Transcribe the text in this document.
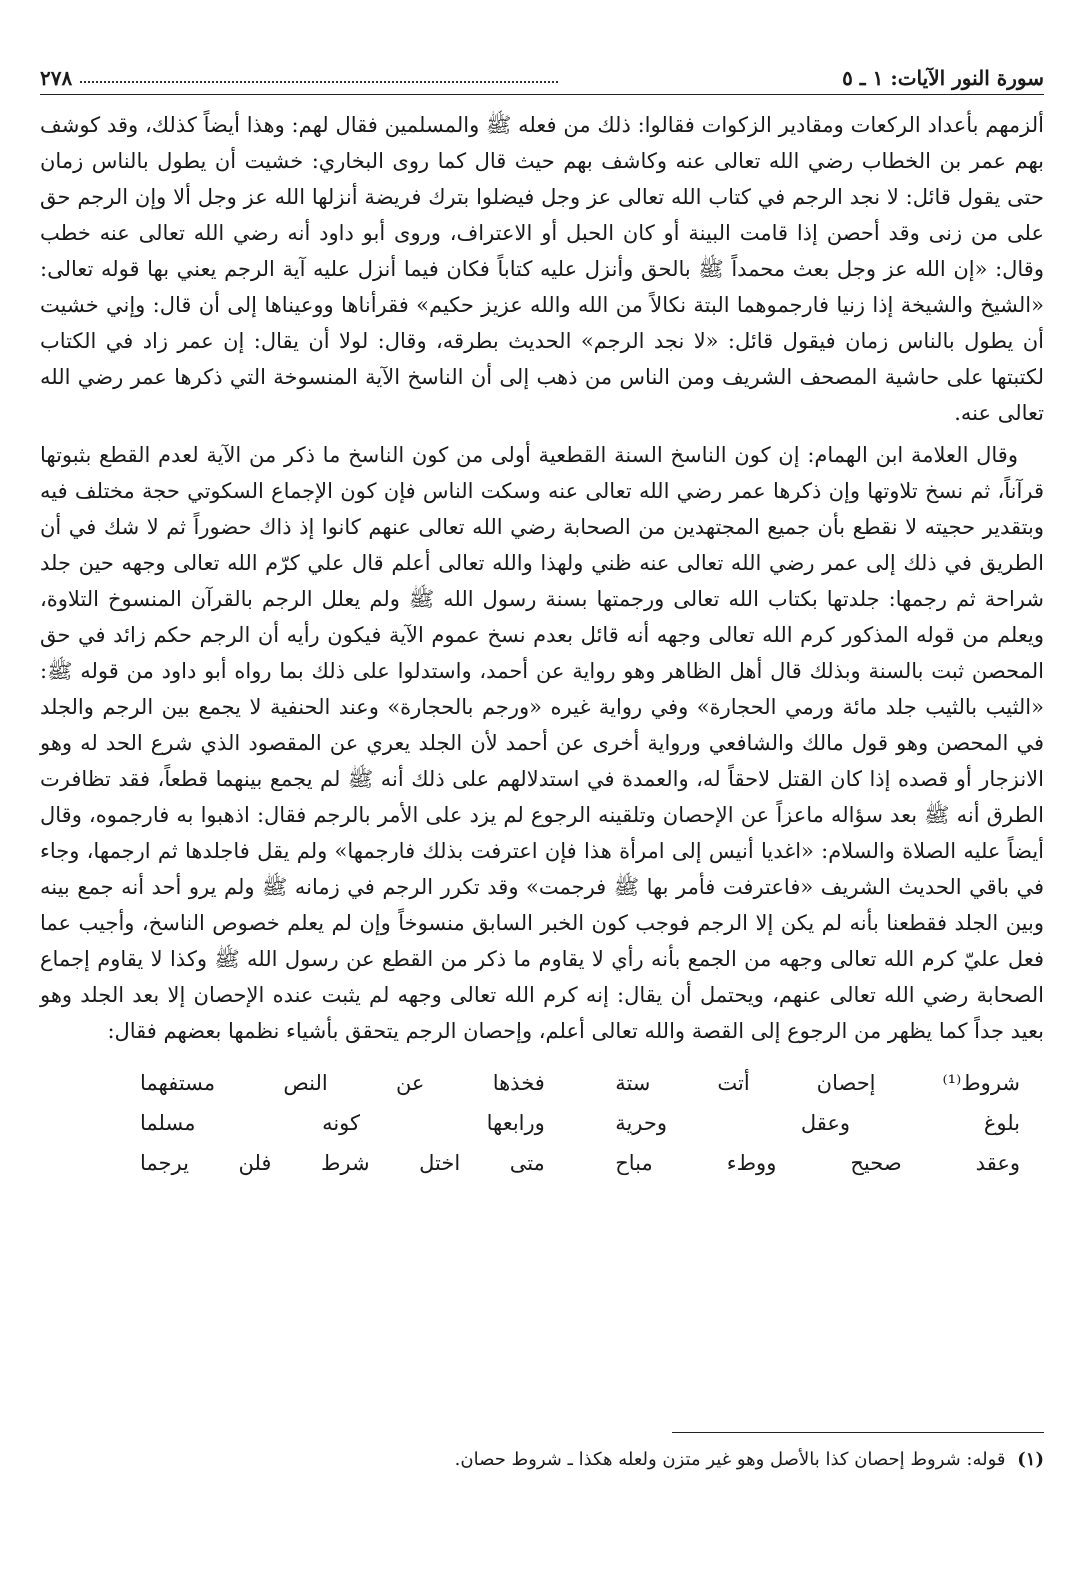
سورة النور الآيات: ١ ـ ٥
٢٧٨

ألزمهم بأعداد الركعات ومقادير الزكوات فقالوا: ذلك من فعله ﷺ والمسلمين فقال لهم: وهذا أيضاً كذلك، وقد كوشف بهم عمر بن الخطاب رضي الله تعالى عنه وكاشف بهم حيث قال كما روى البخاري: خشيت أن يطول بالناس زمان حتى يقول قائل: لا نجد الرجم في كتاب الله تعالى عز وجل فيضلوا بترك فريضة أنزلها الله عز وجل ألا وإن الرجم حق على من زنى وقد أحصن إذا قامت البينة أو كان الحبل أو الاعتراف، وروى أبو داود أنه رضي الله تعالى عنه خطب وقال: «إن الله عز وجل بعث محمداً ﷺ بالحق وأنزل عليه كتاباً فكان فيما أنزل عليه آية الرجم يعني بها قوله تعالى: «الشيخ والشيخة إذا زنيا فارجموهما البتة نكالاً من الله والله عزيز حكيم» فقرأناها ووعيناها إلى أن قال: وإني خشيت أن يطول بالناس زمان فيقول قائل: «لا نجد الرجم» الحديث بطرقه، وقال: لولا أن يقال: إن عمر زاد في الكتاب لكتبتها على حاشية المصحف الشريف ومن الناس من ذهب إلى أن الناسخ الآية المنسوخة التي ذكرها عمر رضي الله تعالى عنه.

وقال العلامة ابن الهمام: إن كون الناسخ السنة القطعية أولى من كون الناسخ ما ذكر من الآية لعدم القطع بثبوتها قرآناً، ثم نسخ تلاوتها وإن ذكرها عمر رضي الله تعالى عنه وسكت الناس فإن كون الإجماع السكوتي حجة مختلف فيه وبتقدير حجيته لا نقطع بأن جميع المجتهدين من الصحابة رضي الله تعالى عنهم كانوا إذ ذاك حضوراً ثم لا شك في أن الطريق في ذلك إلى عمر رضي الله تعالى عنه ظني ولهذا والله تعالى أعلم قال علي كرّم الله تعالى وجهه حين جلد شراحة ثم رجمها: جلدتها بكتاب الله تعالى ورجمتها بسنة رسول الله ﷺ ولم يعلل الرجم بالقرآن المنسوخ التلاوة، ويعلم من قوله المذكور كرم الله تعالى وجهه أنه قائل بعدم نسخ عموم الآية فيكون رأيه أن الرجم حكم زائد في حق المحصن ثبت بالسنة وبذلك قال أهل الظاهر وهو رواية عن أحمد، واستدلوا على ذلك بما رواه أبو داود من قوله ﷺ: «الثيب بالثيب جلد مائة ورمي الحجارة» وفي رواية غيره «ورجم بالحجارة» وعند الحنفية لا يجمع بين الرجم والجلد في المحصن وهو قول مالك والشافعي ورواية أخرى عن أحمد لأن الجلد يعري عن المقصود الذي شرع الحد له وهو الانزجار أو قصده إذا كان القتل لاحقاً له، والعمدة في استدلالهم على ذلك أنه ﷺ لم يجمع بينهما قطعاً، فقد تظافرت الطرق أنه ﷺ بعد سؤاله ماعزاً عن الإحصان وتلقينه الرجوع لم يزد على الأمر بالرجم فقال: اذهبوا به فارجموه، وقال أيضاً عليه الصلاة والسلام: «اغديا أنيس إلى امرأة هذا فإن اعترفت بذلك فارجمها» ولم يقل فاجلدها ثم ارجمها، وجاء في باقي الحديث الشريف «فاعترفت فأمر بها ﷺ فرجمت» وقد تكرر الرجم في زمانه ﷺ ولم يرو أحد أنه جمع بينه وبين الجلد فقطعنا بأنه لم يكن إلا الرجم فوجب كون الخبر السابق منسوخاً وإن لم يعلم خصوص الناسخ، وأجيب عما فعل عليّ كرم الله تعالى وجهه من الجمع بأنه رأي لا يقاوم ما ذكر من القطع عن رسول الله ﷺ وكذا لا يقاوم إجماع الصحابة رضي الله تعالى عنهم، ويحتمل أن يقال: إنه كرم الله تعالى وجهه لم يثبت عنده الإحصان إلا بعد الجلد وهو بعيد جداً كما يظهر من الرجوع إلى القصة والله تعالى أعلم، وإحصان الرجم يتحقق بأشياء نظمها بعضهم فقال:

شروط⁽¹⁾ إحصان أتت ستة
فخذها عن النص مستفهما
بلوغ وعقل وحرية
ورابعها كونه مسلما
وعقد صحيح ووطء مباح
متى اختل شرط فلن يرجما
(١) قوله: شروط إحصان كذا بالأصل وهو غير متزن ولعله هكذا ـ شروط حصان.
